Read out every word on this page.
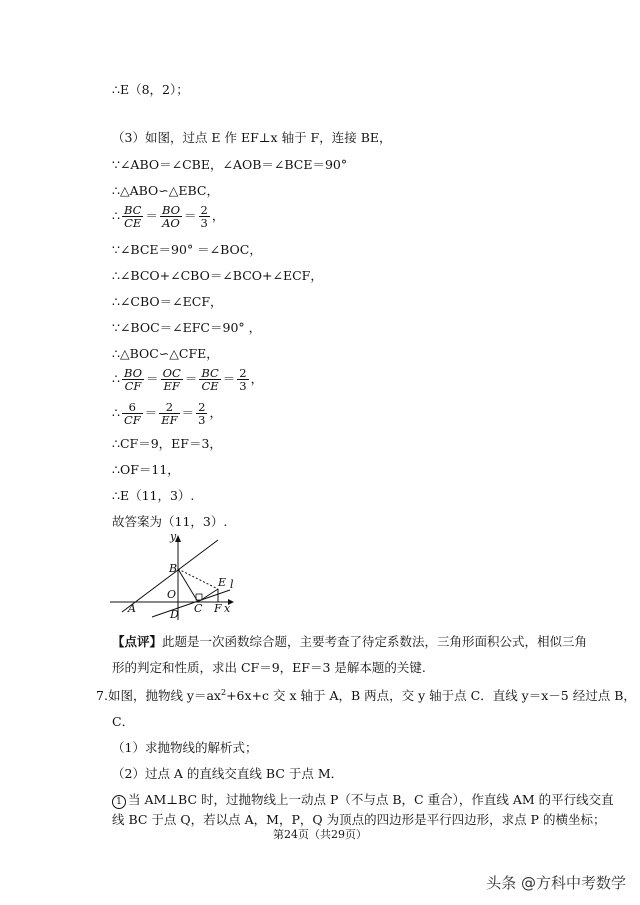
∴E（8，2）；
（3）如图，过点 E 作 EF⊥x 轴于 F，连接 BE，
∵∠ABO＝∠CBE，∠AOB＝∠BCE＝90°
∴△ABO∽△EBC，
∴ $\frac{BC}{CE} = \frac{BO}{AO} = \frac{2}{3}$ ，
∵∠BCE＝90° ＝∠BOC，
∴∠BCO+∠CBO＝∠BCO+∠ECF，
∴∠CBO＝∠ECF，
∵∠BOC＝∠EFC＝90° ，
∴△BOC∽△CFE，
∴ $\frac{BO}{CF} = \frac{OC}{EF} = \frac{BC}{CE} = \frac{2}{3}$ ，
∴ $\frac{6}{CF} = \frac{2}{EF} = \frac{2}{3}$ ，
∴CF＝9，EF＝3，
∴OF＝11，
∴E（11，3）.
故答案为（11，3）.
y
B
E l
O
A	D C F x
【点评】此题是一次函数综合题，主要考查了待定系数法，三角形面积公式，相似三角
形的判定和性质，求出 CF＝9，EF＝3 是解本题的关键.
7.如图，抛物线 $y=ax^2+6x+c$ 交 x 轴于 A，B 两点，交 y 轴于点 C．直线 y＝x－5 经过点 B，
C．
（1）求抛物线的解析式；
（2）过点 A 的直线交直线 BC 于点 M．
1 当 AM⊥BC 时，过抛物线上一动点 P（不与点 B，C 重合），作直线 AM 的平行线交直
线 BC 于点 Q，若以点 A，M，P，Q 为顶点的四边形是平行四边形，求点 P 的横坐标；
第24页（共29页）
头条 @方科中考数学
